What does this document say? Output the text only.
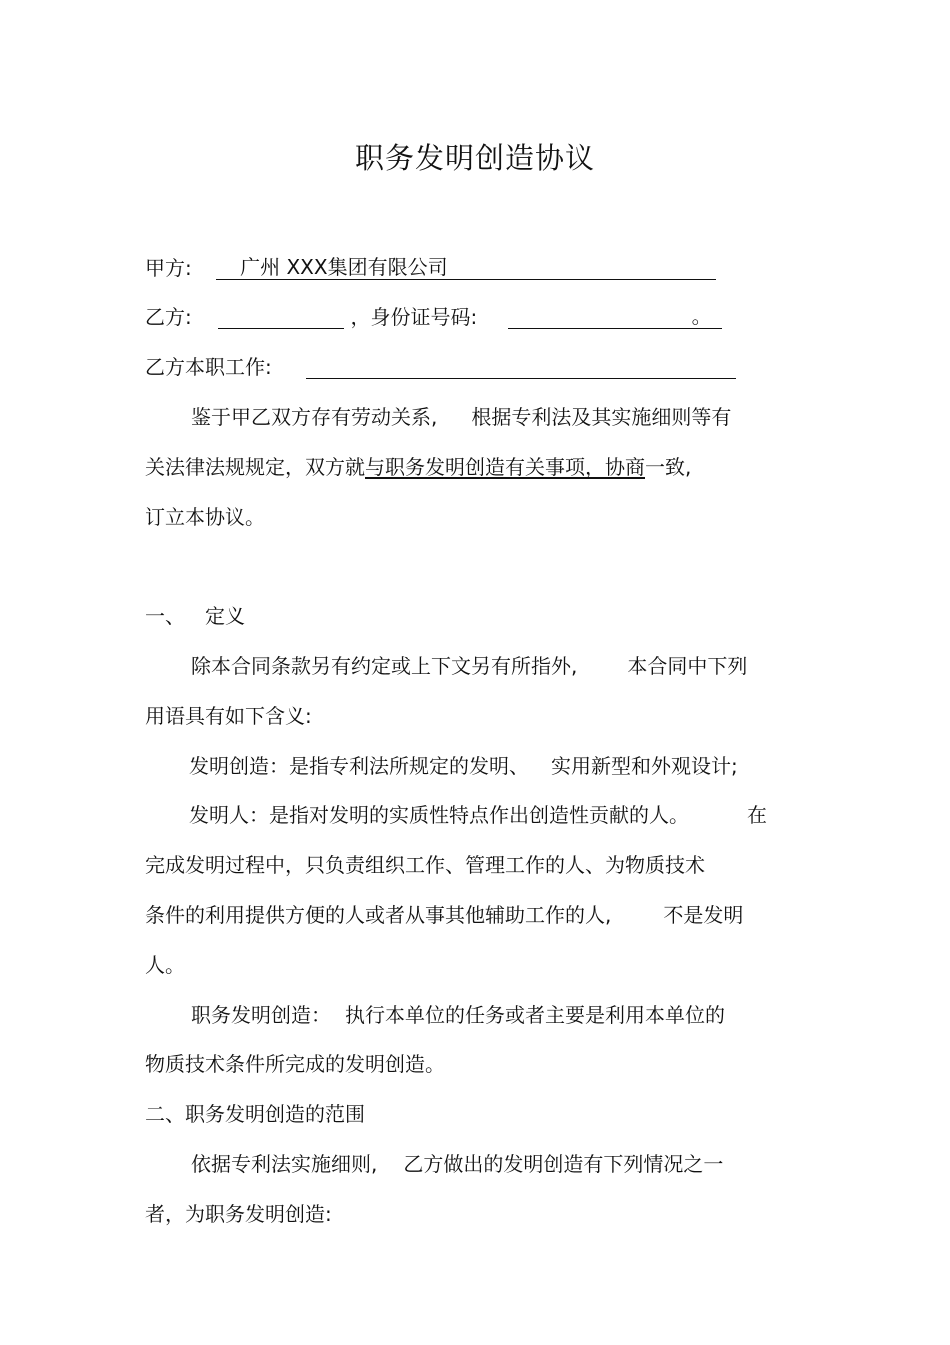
职务发明创造协议
甲方: 广州 XXX集团有限公司
乙方:	，身份证号码:	。
乙方本职工作:
鉴于甲乙双方存有劳动关系, 根据专利法及其实施细则等有
关法律法规规定，双方就与职务发明创造有关事项，协商一致,
订立本协议。
一、 定义
除本合同条款另有约定或上下文另有所指外,	本合同中下列
用语具有如下含义:
发明创造：是指专利法所规定的发明、 实用新型和外观设计;
发明人：是指对发明的实质性特点作出创造性贡献的人。	在
完成发明过程中，只负责组织工作、管理工作的人、为物质技术
条件的利用提供方便的人或者从事其他辅助工作的人,	不是发明
人。
职务发明创造： 执行本单位的任务或者主要是利用本单位的
物质技术条件所完成的发明创造。
二、职务发明创造的范围
依据专利法实施细则, 乙方做出的发明创造有下列情况之一
者，为职务发明创造:
